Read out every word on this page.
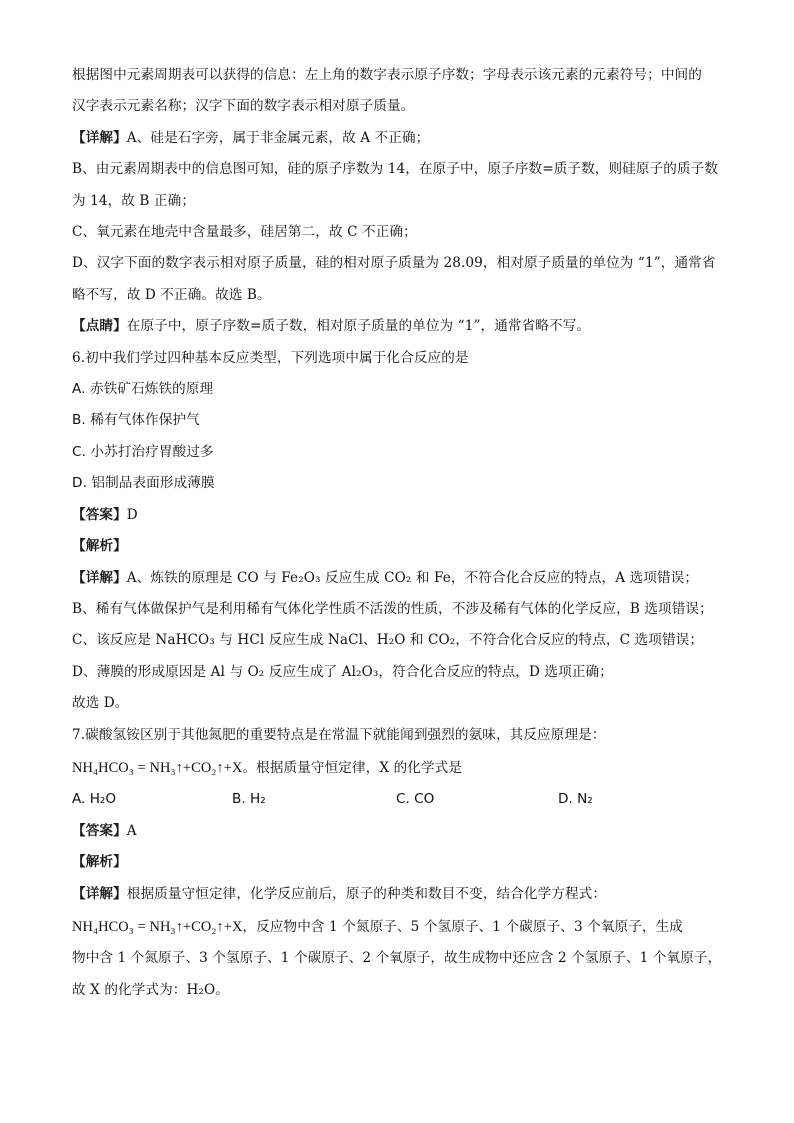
根据图中元素周期表可以获得的信息：左上角的数字表示原子序数；字母表示该元素的元素符号；中间的
汉字表示元素名称；汉字下面的数字表示相对原子质量。
【详解】A、硅是石字旁，属于非金属元素，故 A 不正确；
B、由元素周期表中的信息图可知，硅的原子序数为 14，在原子中，原子序数=质子数，则硅原子的质子数
为 14，故 B 正确；
C、氧元素在地壳中含量最多，硅居第二，故 C 不正确；
D、汉字下面的数字表示相对原子质量，硅的相对原子质量为 28.09，相对原子质量的单位为 “1”，通常省
略不写，故 D 不正确。故选 B。
【点睛】在原子中，原子序数=质子数，相对原子质量的单位为 “1”，通常省略不写。
6.初中我们学过四种基本反应类型，下列选项中属于化合反应的是
A. 赤铁矿石炼铁的原理
B. 稀有气体作保护气
C. 小苏打治疗胃酸过多
D. 铝制品表面形成薄膜
【答案】D
【解析】
【详解】A、炼铁的原理是 CO 与 Fe₂O₃ 反应生成 CO₂ 和 Fe，不符合化合反应的特点，A 选项错误；
B、稀有气体做保护气是利用稀有气体化学性质不活泼的性质，不涉及稀有气体的化学反应，B 选项错误；
C、该反应是 NaHCO₃ 与 HCl 反应生成 NaCl、H₂O 和 CO₂，不符合化合反应的特点，C 选项错误；
D、薄膜的形成原因是 Al 与 O₂ 反应生成了 Al₂O₃，符合化合反应的特点，D 选项正确；
故选 D。
7.碳酸氢铵区别于其他氮肥的重要特点是在常温下就能闻到强烈的氨味，其反应原理是：
NH₄HCO₃ = NH₃↑+CO₂↑+X。根据质量守恒定律，X 的化学式是
A. H₂O	B. H₂	C. CO	D. N₂
【答案】A
【解析】
【详解】根据质量守恒定律，化学反应前后，原子的种类和数目不变，结合化学方程式：
NH₄HCO₃ = NH₃↑+CO₂↑+X，反应物中含 1 个氮原子、5 个氢原子、1 个碳原子、3 个氧原子，生成
物中含 1 个氮原子、3 个氢原子、1 个碳原子、2 个氧原子，故生成物中还应含 2 个氢原子、1 个氧原子，
故 X 的化学式为：H₂O。
